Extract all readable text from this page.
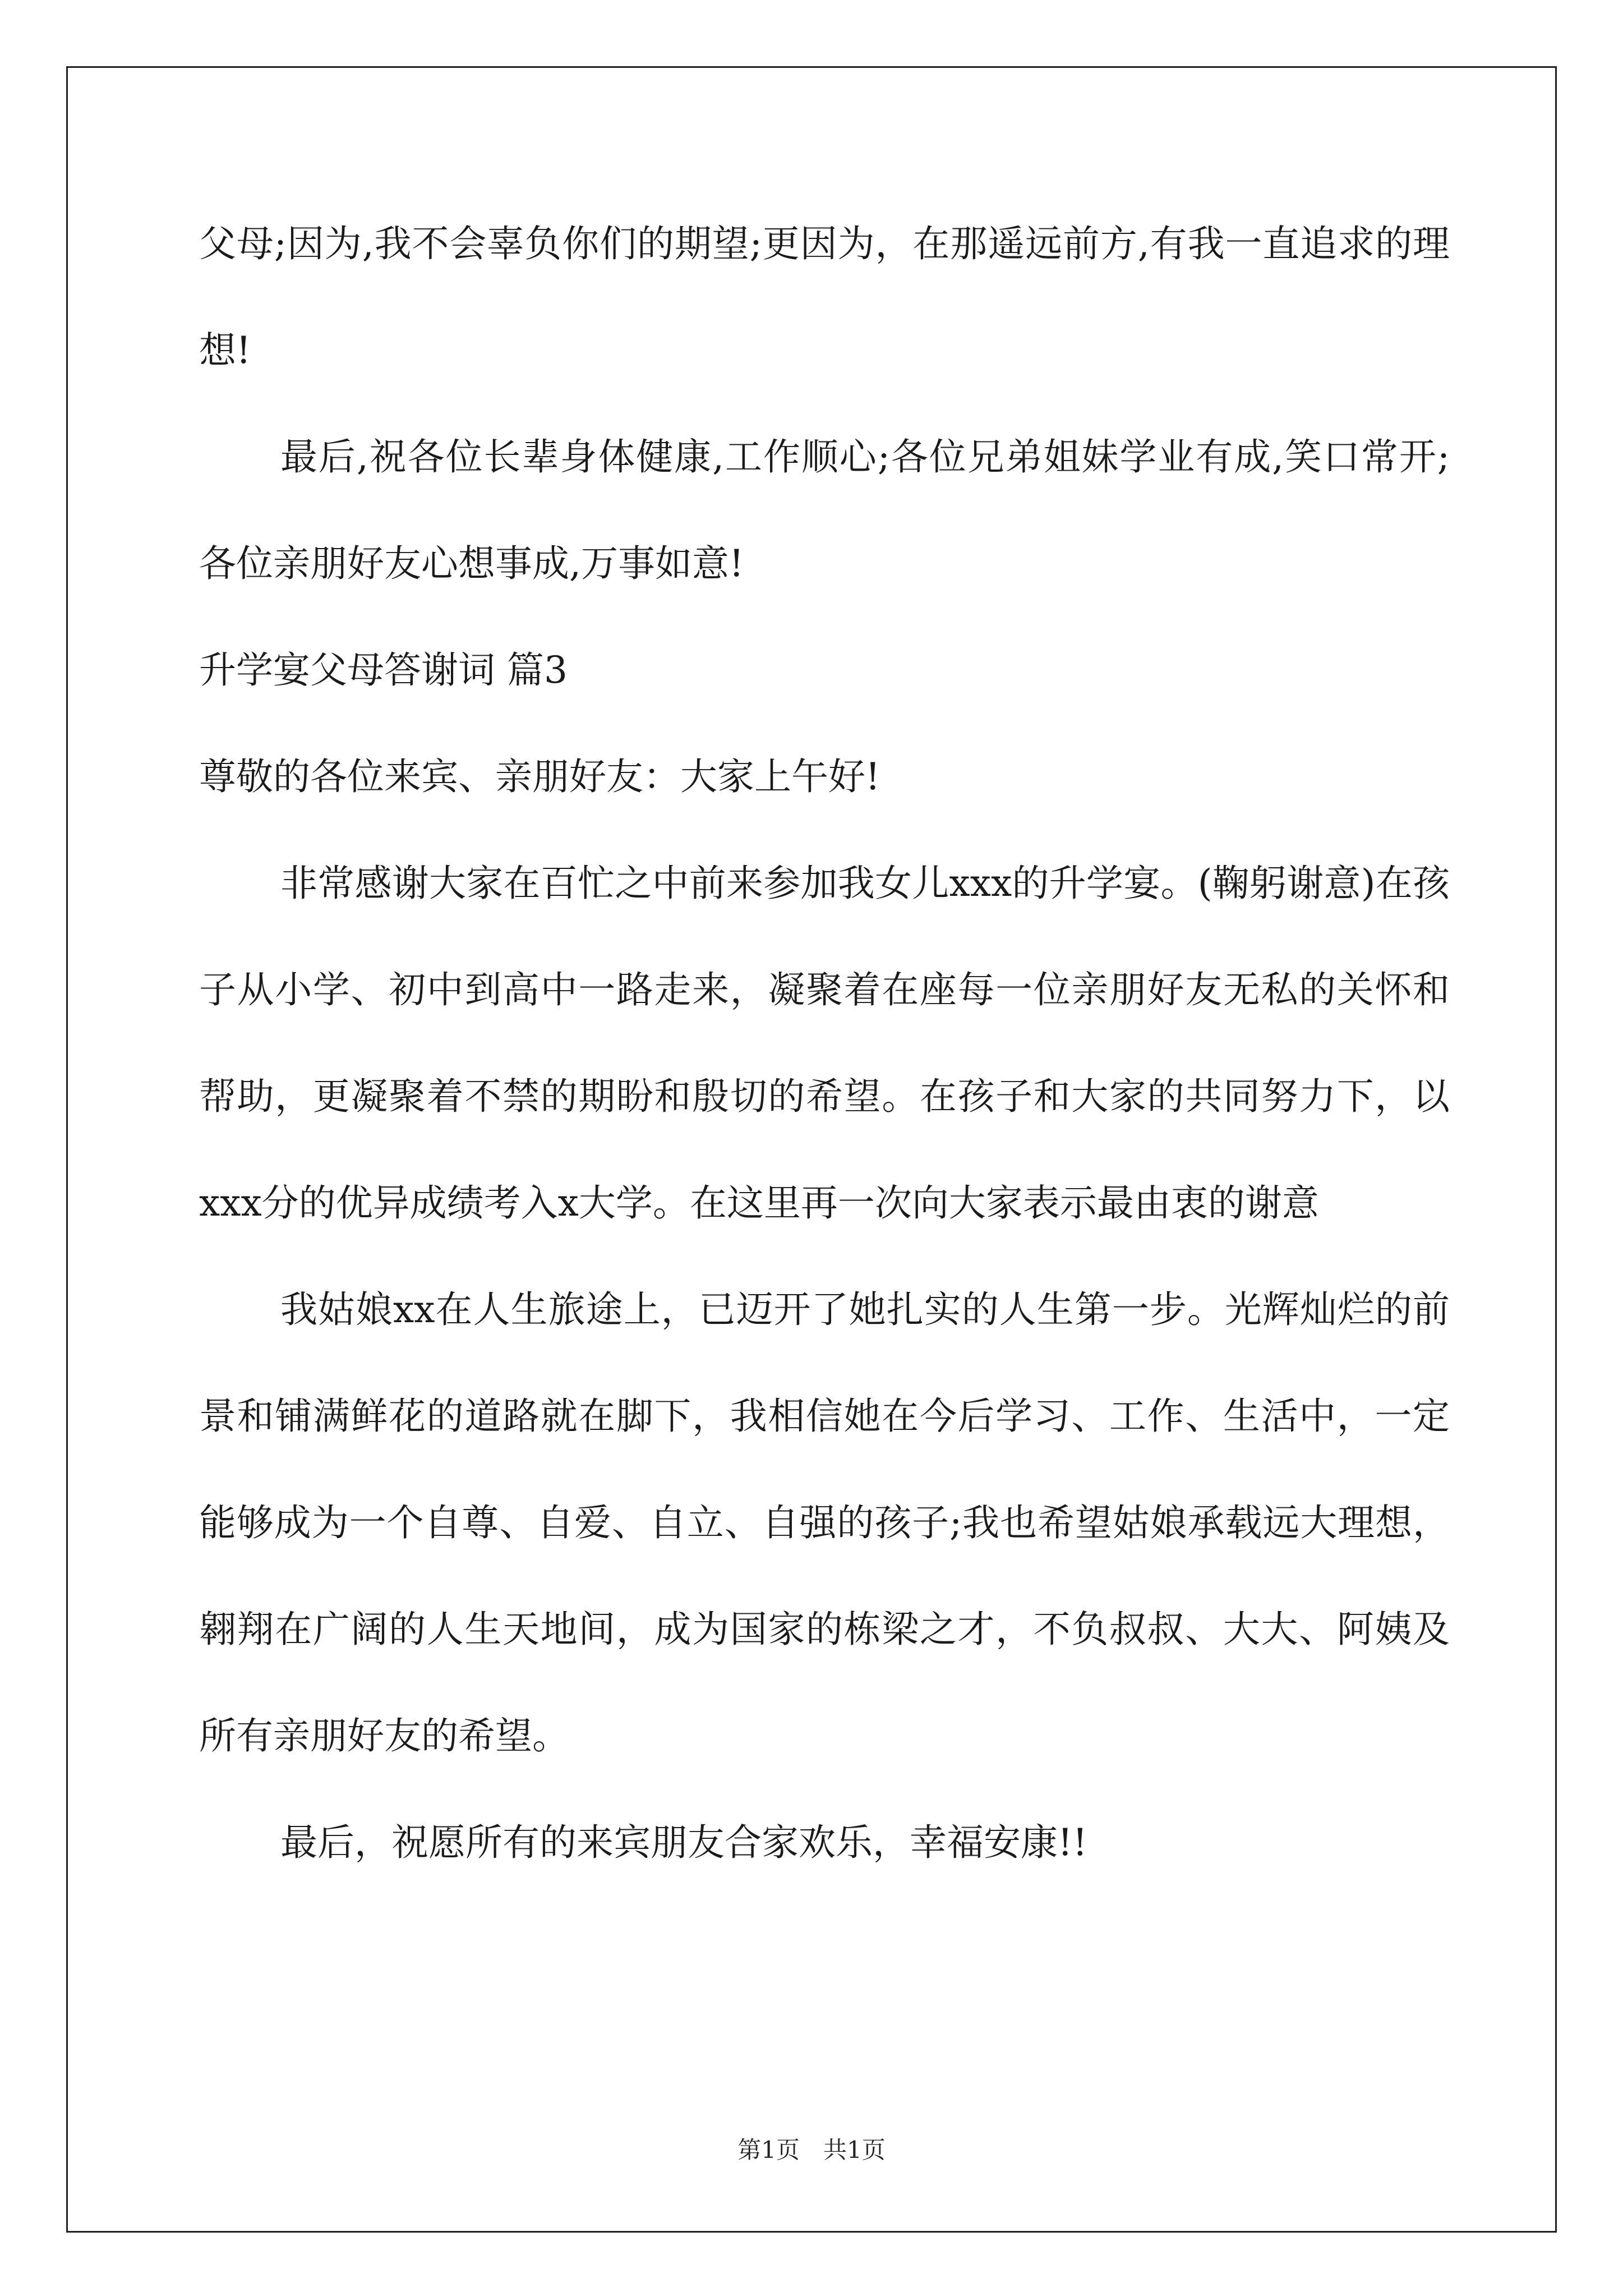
父母;因为,我不会辜负你们的期望;更因为，在那遥远前方,有我一直追求的理想!

最后,祝各位长辈身体健康,工作顺心;各位兄弟姐妹学业有成,笑口常开;各位亲朋好友心想事成,万事如意!

升学宴父母答谢词 篇3

尊敬的各位来宾、亲朋好友：大家上午好!

非常感谢大家在百忙之中前来参加我女儿xxx的升学宴。(鞠躬谢意)在孩子从小学、初中到高中一路走来，凝聚着在座每一位亲朋好友无私的关怀和帮助，更凝聚着不禁的期盼和殷切的希望。在孩子和大家的共同努力下，以xxx分的优异成绩考入x大学。在这里再一次向大家表示最由衷的谢意

我姑娘xx在人生旅途上，已迈开了她扎实的人生第一步。光辉灿烂的前景和铺满鲜花的道路就在脚下，我相信她在今后学习、工作、生活中，一定能够成为一个自尊、自爱、自立、自强的孩子;我也希望姑娘承载远大理想，翱翔在广阔的人生天地间，成为国家的栋梁之才，不负叔叔、大大、阿姨及所有亲朋好友的希望。

最后，祝愿所有的来宾朋友合家欢乐，幸福安康!!

第1页　共1页
